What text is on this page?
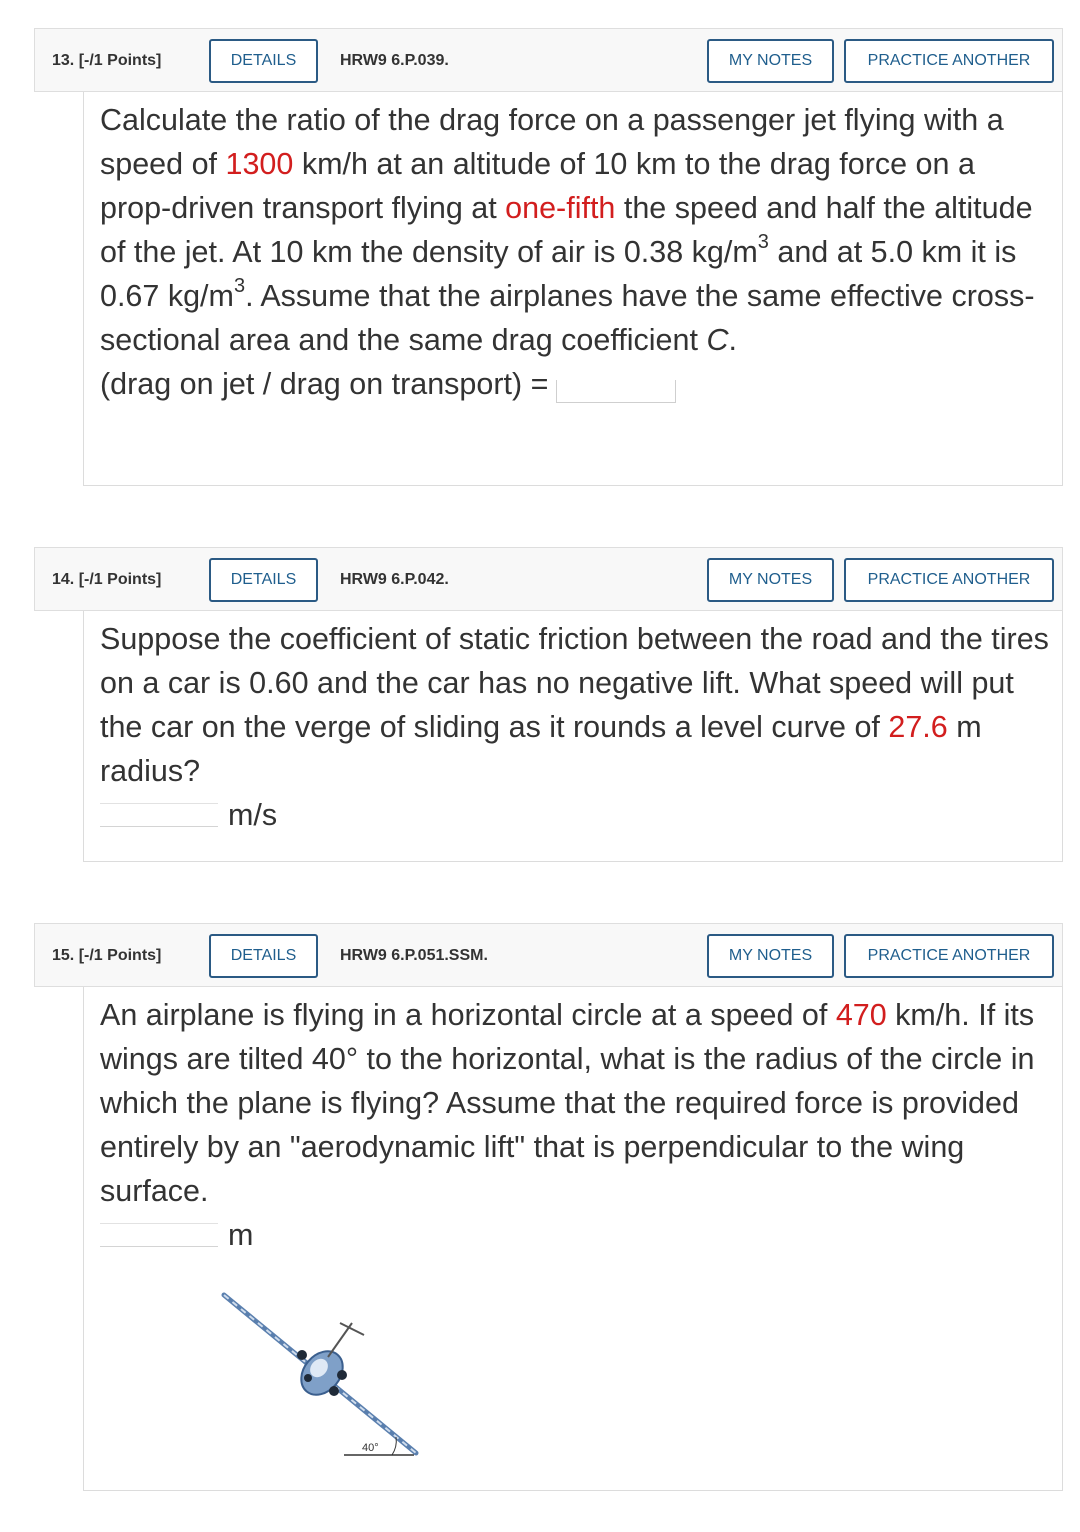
13. [-/1 Points]	DETAILS	HRW9 6.P.039.	MY NOTES	PRACTICE ANOTHER
Calculate the ratio of the drag force on a passenger jet flying with a speed of 1300 km/h at an altitude of 10 km to the drag force on a prop-driven transport flying at one-fifth the speed and half the altitude of the jet. At 10 km the density of air is 0.38 $kg/m^3$ and at 5.0 km it is 0.67 $kg/m^3$. Assume that the airplanes have the same effective cross-sectional area and the same drag coefficient C.
(drag on jet / drag on transport) =
14. [-/1 Points]	DETAILS	HRW9 6.P.042.	MY NOTES	PRACTICE ANOTHER
Suppose the coefficient of static friction between the road and the tires on a car is 0.60 and the car has no negative lift. What speed will put the car on the verge of sliding as it rounds a level curve of 27.6 m radius?
m/s
15. [-/1 Points]	DETAILS	HRW9 6.P.051.SSM.	MY NOTES	PRACTICE ANOTHER
An airplane is flying in a horizontal circle at a speed of 470 km/h. If its wings are tilted 40° to the horizontal, what is the radius of the circle in which the plane is flying? Assume that the required force is provided entirely by an "aerodynamic lift" that is perpendicular to the wing surface.
m
40°
